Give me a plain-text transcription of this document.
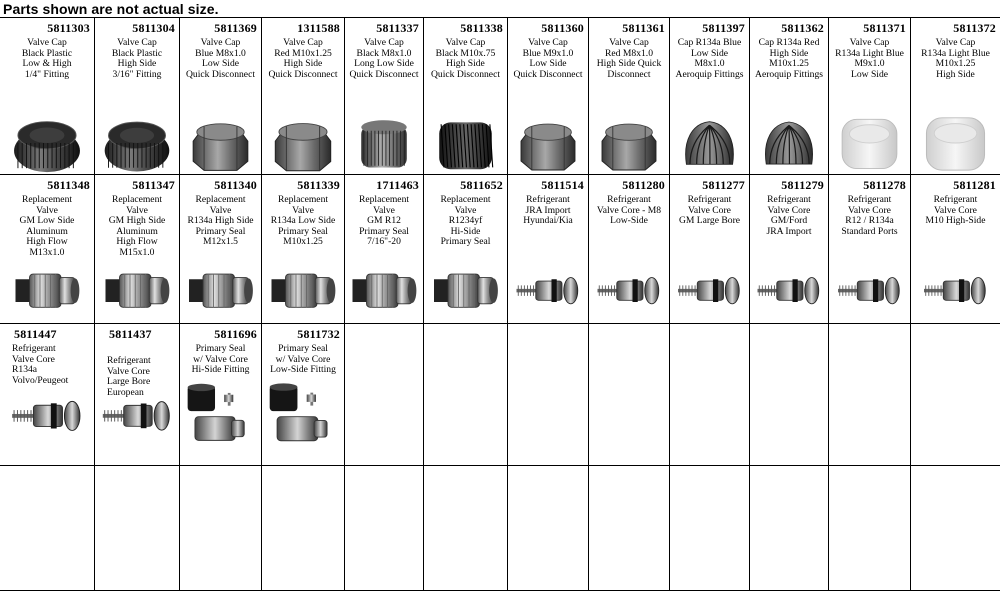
Parts shown are not actual size.
5811303
Valve Cap
Black Plastic
Low & High
1/4" Fitting
5811304
Valve Cap
Black Plastic
High Side
3/16" Fitting
5811369
Valve Cap
Blue M8x1.0
Low Side
Quick Disconnect
1311588
Valve Cap
Red M10x1.25
High Side
Quick Disconnect
5811337
Valve Cap
Black M8x1.0
Long Low Side
Quick Disconnect
5811338
Valve Cap
Black M10x.75
High Side
Quick Disconnect
5811360
Valve Cap
Blue M9x1.0
Low Side
Quick Disconnect
5811361
Valve Cap
Red M8x1.0
High Side Quick
Disconnect
5811397
Cap R134a Blue
Low Side
M8x1.0
Aeroquip Fittings
5811362
Cap R134a Red
High Side
M10x1.25
Aeroquip Fittings
5811371
Valve Cap
R134a Light Blue
M9x1.0
Low Side
5811372
Valve Cap
R134a Light Blue
M10x1.25
High Side
5811348
Replacement
Valve
GM Low Side
Aluminum
High Flow
M13x1.0
5811347
Replacement
Valve
GM High Side
Aluminum
High Flow
M15x1.0
5811340
Replacement
Valve
R134a High Side
Primary Seal
M12x1.5
5811339
Replacement
Valve
R134a Low Side
Primary Seal
M10x1.25
1711463
Replacement
Valve
GM R12
Primary Seal
7/16"-20
5811652
Replacement
Valve
R1234yf
Hi-Side
Primary Seal
5811514
Refrigerant
JRA Import
Hyundai/Kia
5811280
Refrigerant
Valve Core - M8
Low-Side
5811277
Refrigerant
Valve Core
GM Large Bore
5811279
Refrigerant
Valve Core
GM/Ford
JRA Import
5811278
Refrigerant
Valve Core
R12 / R134a
Standard Ports
5811281
Refrigerant
Valve Core
M10 High-Side
5811447
Refrigerant
Valve Core
R134a
Volvo/Peugeot
5811437
Refrigerant
Valve Core
Large Bore
European
5811696
Primary Seal
w/ Valve Core
Hi-Side Fitting
5811732
Primary Seal
w/ Valve Core
Low-Side Fitting
